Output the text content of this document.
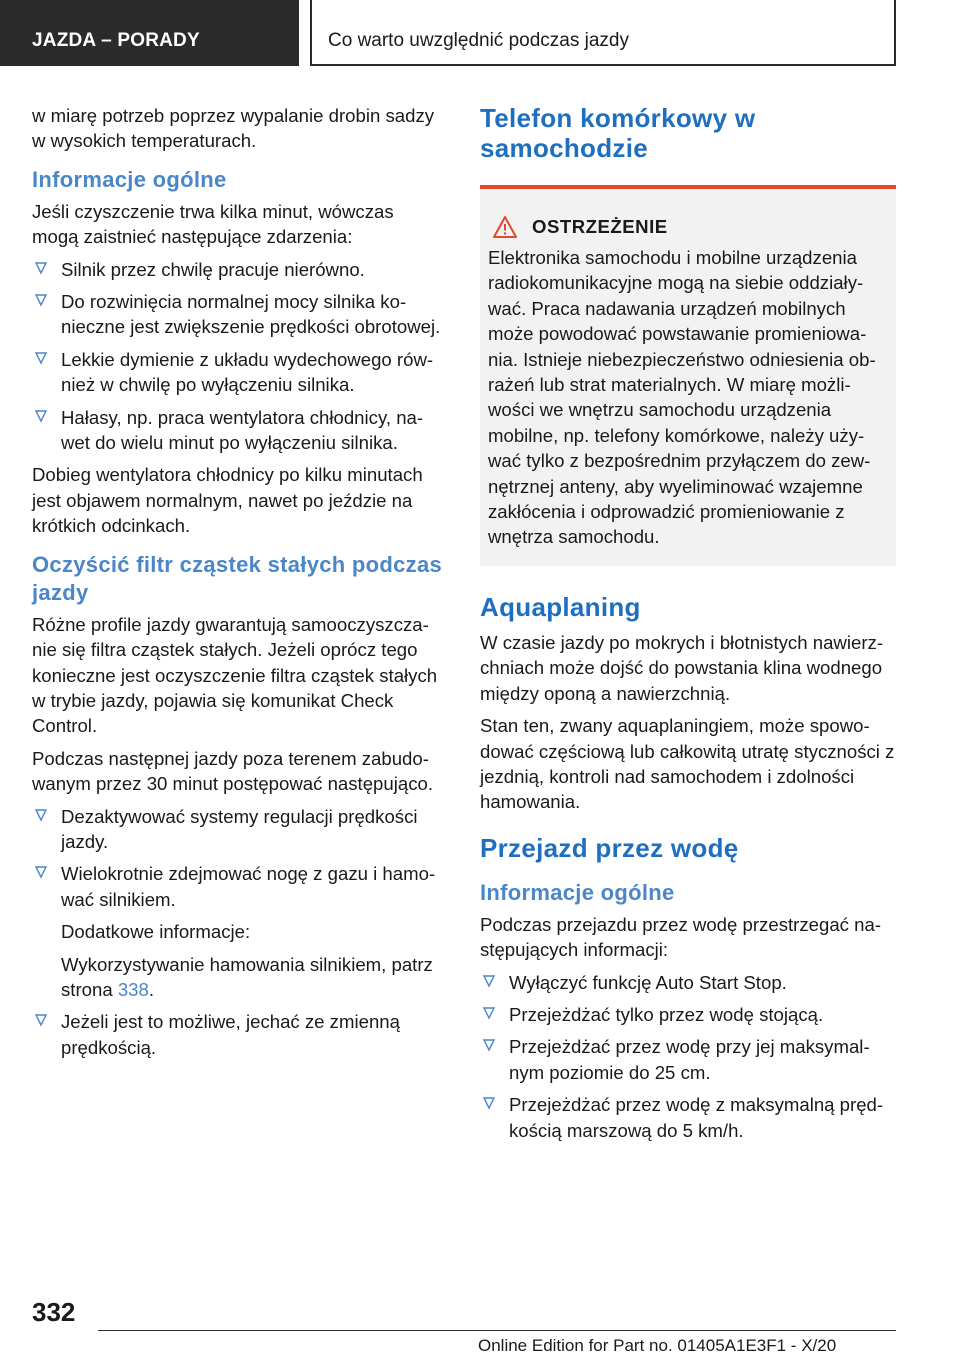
JAZDA – PORADY	Co warto uwzględnić podczas jazdy

w miarę potrzeb poprzez wypalanie drobin sadzy w wysokich temperaturach.

Informacje ogólne

Jeśli czyszczenie trwa kilka minut, wówczas mogą zaistnieć następujące zdarzenia:

Silnik przez chwilę pracuje nierówno.
Do rozwinięcia normalnej mocy silnika konieczne jest zwiększenie prędkości obrotowej.
Lekkie dymienie z układu wydechowego również w chwilę po wyłączeniu silnika.
Hałasy, np. praca wentylatora chłodnicy, nawet do wielu minut po wyłączeniu silnika.

Dobieg wentylatora chłodnicy po kilku minutach jest objawem normalnym, nawet po jeździe na krótkich odcinkach.

Oczyścić filtr cząstek stałych podczas jazdy

Różne profile jazdy gwarantują samooczyszczanie się filtra cząstek stałych. Jeżeli oprócz tego konieczne jest oczyszczenie filtra cząstek stałych w trybie jazdy, pojawia się komunikat Check Control.

Podczas następnej jazdy poza terenem zabudowanym przez 30 minut postępować następująco.

Dezaktywować systemy regulacji prędkości jazdy.
Wielokrotnie zdejmować nogę z gazu i hamować silnikiem.
Dodatkowe informacje:
Wykorzystywanie hamowania silnikiem, patrz strona 338.
Jeżeli jest to możliwe, jechać ze zmienną prędkością.
Telefon komórkowy w samochodzie
OSTRZEŻENIE

Elektronika samochodu i mobilne urządzenia radiokomunikacyjne mogą na siebie oddziaływać. Praca nadawania urządzeń mobilnych może powodować powstawanie promieniowania. Istnieje niebezpieczeństwo odniesienia obrażeń lub strat materialnych. W miarę możliwości we wnętrzu samochodu urządzenia mobilne, np. telefony komórkowe, należy używać tylko z bezpośrednim przyłączem do zewnętrznej anteny, aby wyeliminować wzajemne zakłócenia i odprowadzić promieniowanie z wnętrza samochodu.

Aquaplaning

W czasie jazdy po mokrych i błotnistych nawierzchniach może dojść do powstania klina wodnego między oponą a nawierzchnią.

Stan ten, zwany aquaplaningiem, może spowodować częściową lub całkowitą utratę styczności z jezdnią, kontroli nad samochodem i zdolności hamowania.

Przejazd przez wodę
Informacje ogólne

Podczas przejazdu przez wodę przestrzegać następujących informacji:

Wyłączyć funkcję Auto Start Stop.
Przejeżdżać tylko przez wodę stojącą.
Przejeżdżać przez wodę przy jej maksymalnym poziomie do 25 cm.
Przejeżdżać przez wodę z maksymalną prędkością marszową do 5 km/h.
332
Online Edition for Part no. 01405A1E3F1 - X/20
